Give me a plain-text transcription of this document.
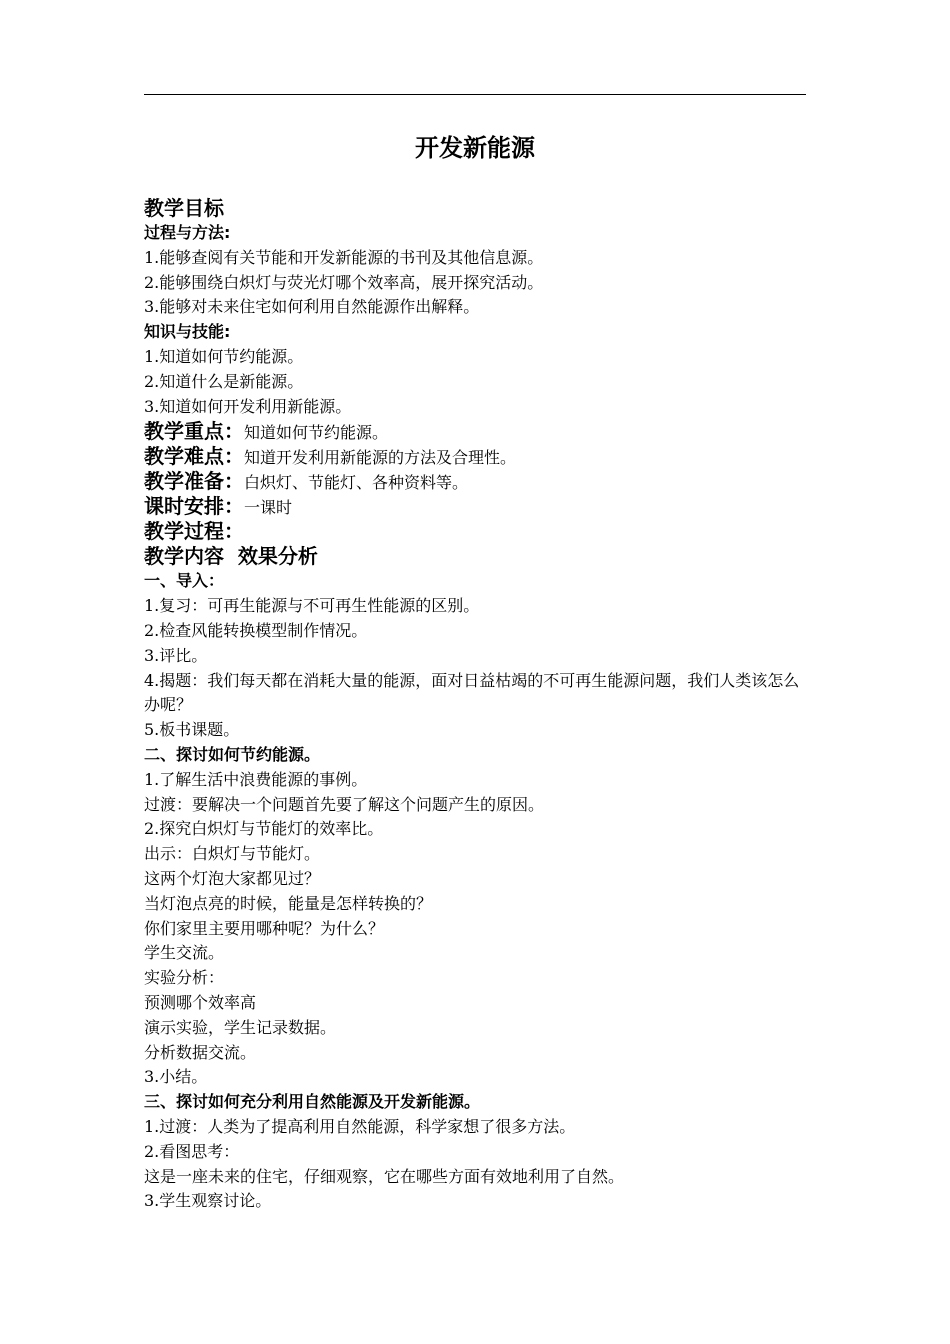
开发新能源
教学目标
过程与方法:
1.能够查阅有关节能和开发新能源的书刊及其他信息源。
2.能够围绕白炽灯与荧光灯哪个效率高，展开探究活动。
3.能够对未来住宅如何利用自然能源作出解释。
知识与技能:
1.知道如何节约能源。
2.知道什么是新能源。
3.知道如何开发利用新能源。
教学重点：知道如何节约能源。
教学难点：知道开发利用新能源的方法及合理性。
教学准备：白炽灯、节能灯、各种资料等。
课时安排：一课时
教学过程：
教学内容  效果分析
一、导入：
1.复习：可再生能源与不可再生性能源的区别。
2.检查风能转换模型制作情况。
3.评比。
4.揭题：我们每天都在消耗大量的能源，面对日益枯竭的不可再生能源问题，我们人类该怎么办呢？
5.板书课题。
二、探讨如何节约能源。
1.了解生活中浪费能源的事例。
过渡：要解决一个问题首先要了解这个问题产生的原因。
2.探究白炽灯与节能灯的效率比。
出示：白炽灯与节能灯。
这两个灯泡大家都见过？
当灯泡点亮的时候，能量是怎样转换的？
你们家里主要用哪种呢？为什么？
学生交流。
实验分析：
预测哪个效率高
演示实验，学生记录数据。
分析数据交流。
3.小结。
三、探讨如何充分利用自然能源及开发新能源。
1.过渡：人类为了提高利用自然能源，科学家想了很多方法。
2.看图思考：
这是一座未来的住宅，仔细观察，它在哪些方面有效地利用了自然。
3.学生观察讨论。
